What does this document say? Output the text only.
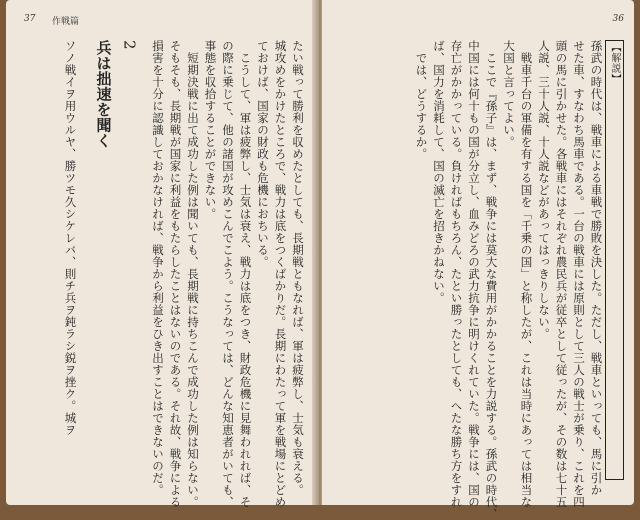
37 作戦篇
たい戦って勝利を収めたとしても、長期戦ともなれば、軍は疲弊し、士気も衰える。
城攻めをかけたところで、戦力は底をつくばかりだ。長期にわたって軍を戦場にとどめ
ておけば、国家の財政も危機におちいる。
　こうして、軍は疲弊し、士気は衰え、戦力は底をつき、財政危機に見舞われれば、そ
の際に乗じて、他の諸国が攻めこんでこよう。こうなっては、どんな知恵者がいても、
事態を収拾することができない。
　短期決戦に出て成功した例は聞いても、長期戦に持ちこんで成功した例は知らない。
そもそも、長期戦が国家に利益をもたらしたことはないのである。それ故、戦争による
損害を十分に認識しておかなければ、戦争から利益をひき出すことはできないのだ。
2
兵は拙速を聞く
ソノ戦イヲ用ウルヤ、勝ツモ久シケレバ、則チ兵ヲ鈍ラシ鋭ヲ挫ク。城ヲ
36
【解説】
孫武の時代は、戦車による車戦で勝敗を決した。ただし、戦車といっても、馬に引か
せた車、すなわち馬車である。一台の戦車には原則として三人の戦士が乗り、これを四
頭の馬に引かせた。各戦車にはそれぞれ農民兵が従卒として従ったが、その数は七十五
人説、三十人説、十人説などがあってはっきりしない。
　戦車千台の軍備を有する国を「千乗の国」と称したが、これは当時にあっては相当な
大国と言ってよい。
　ここで『孫子』は、まず、戦争には莫大な費用がかかることを力説する。孫武の時代、
中国には何十もの国が分立し、血みどろの武力抗争に明けくれていた。戦争には、国の
存亡がかかっている。負ければもちろん、たとい勝ったとしても、へたな勝ち方をすれ
ば、国力を消耗して、国の滅亡を招きかねない。
　では、どうするか。
